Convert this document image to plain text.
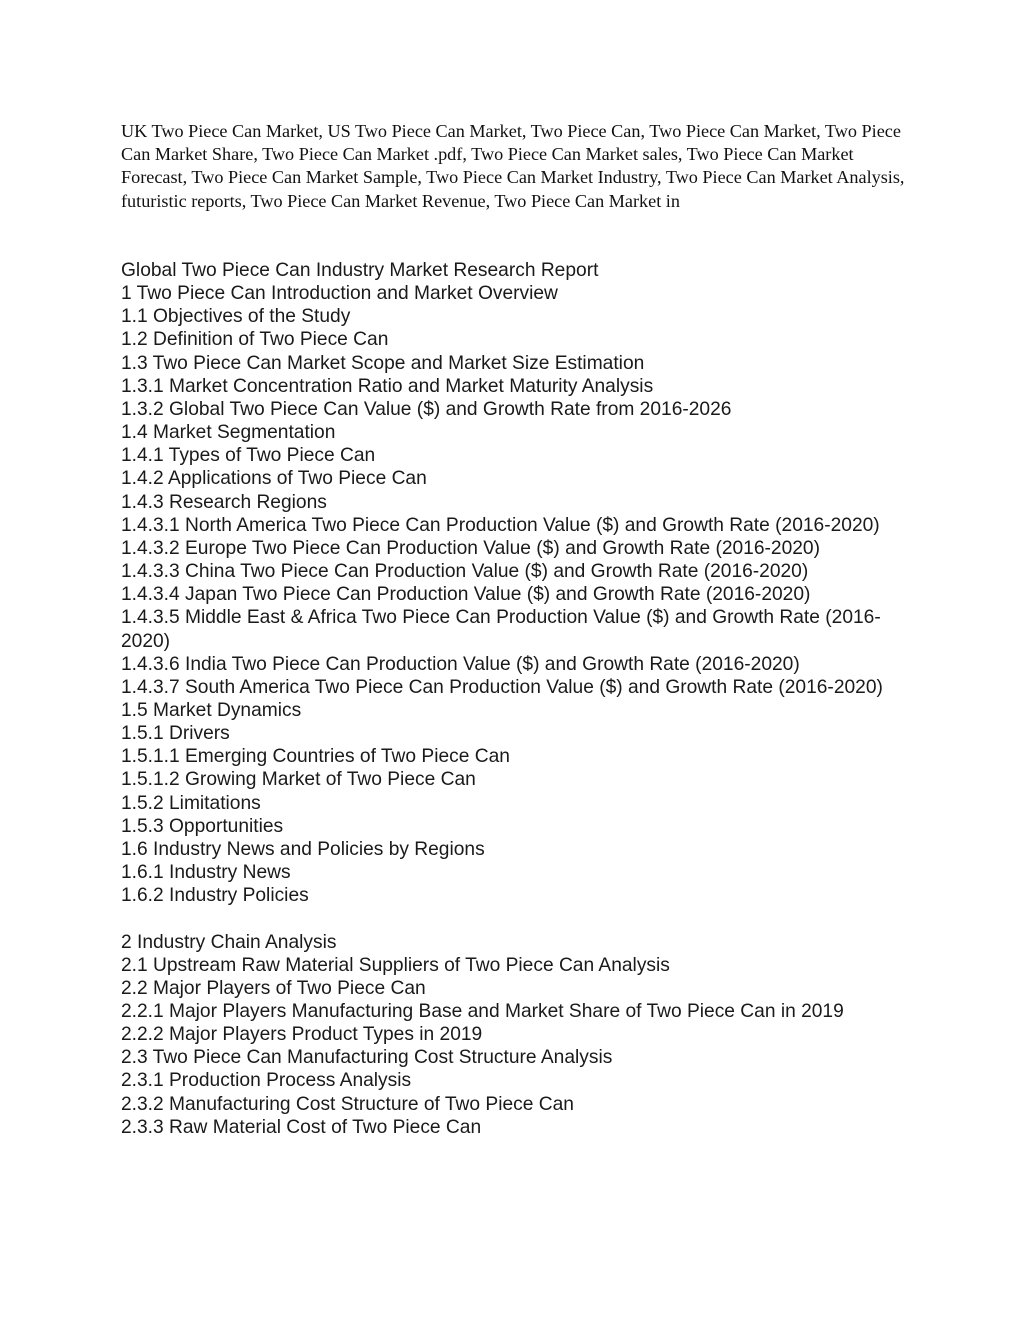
UK Two Piece Can Market, US Two Piece Can Market, Two Piece Can, Two Piece Can Market, Two Piece Can Market Share, Two Piece Can Market .pdf, Two Piece Can Market sales, Two Piece Can Market Forecast, Two Piece Can Market Sample, Two Piece Can Market Industry, Two Piece Can Market Analysis, futuristic reports, Two Piece Can Market Revenue, Two Piece Can Market in

Global Two Piece Can Industry Market Research Report
1 Two Piece Can Introduction and Market Overview
1.1 Objectives of the Study
1.2 Definition of Two Piece Can
1.3 Two Piece Can Market Scope and Market Size Estimation
1.3.1 Market Concentration Ratio and Market Maturity Analysis
1.3.2 Global Two Piece Can Value ($) and Growth Rate from 2016-2026
1.4 Market Segmentation
1.4.1 Types of Two Piece Can
1.4.2 Applications of Two Piece Can
1.4.3 Research Regions
1.4.3.1 North America Two Piece Can Production Value ($) and Growth Rate (2016-2020)
1.4.3.2 Europe Two Piece Can Production Value ($) and Growth Rate (2016-2020)
1.4.3.3 China Two Piece Can Production Value ($) and Growth Rate (2016-2020)
1.4.3.4 Japan Two Piece Can Production Value ($) and Growth Rate (2016-2020)
1.4.3.5 Middle East & Africa Two Piece Can Production Value ($) and Growth Rate (2016-2020)
1.4.3.6 India Two Piece Can Production Value ($) and Growth Rate (2016-2020)
1.4.3.7 South America Two Piece Can Production Value ($) and Growth Rate (2016-2020)
1.5 Market Dynamics
1.5.1 Drivers
1.5.1.1 Emerging Countries of Two Piece Can
1.5.1.2 Growing Market of Two Piece Can
1.5.2 Limitations
1.5.3 Opportunities
1.6 Industry News and Policies by Regions
1.6.1 Industry News
1.6.2 Industry Policies
2 Industry Chain Analysis
2.1 Upstream Raw Material Suppliers of Two Piece Can Analysis
2.2 Major Players of Two Piece Can
2.2.1 Major Players Manufacturing Base and Market Share of Two Piece Can in 2019
2.2.2 Major Players Product Types in 2019
2.3 Two Piece Can Manufacturing Cost Structure Analysis
2.3.1 Production Process Analysis
2.3.2 Manufacturing Cost Structure of Two Piece Can
2.3.3 Raw Material Cost of Two Piece Can
